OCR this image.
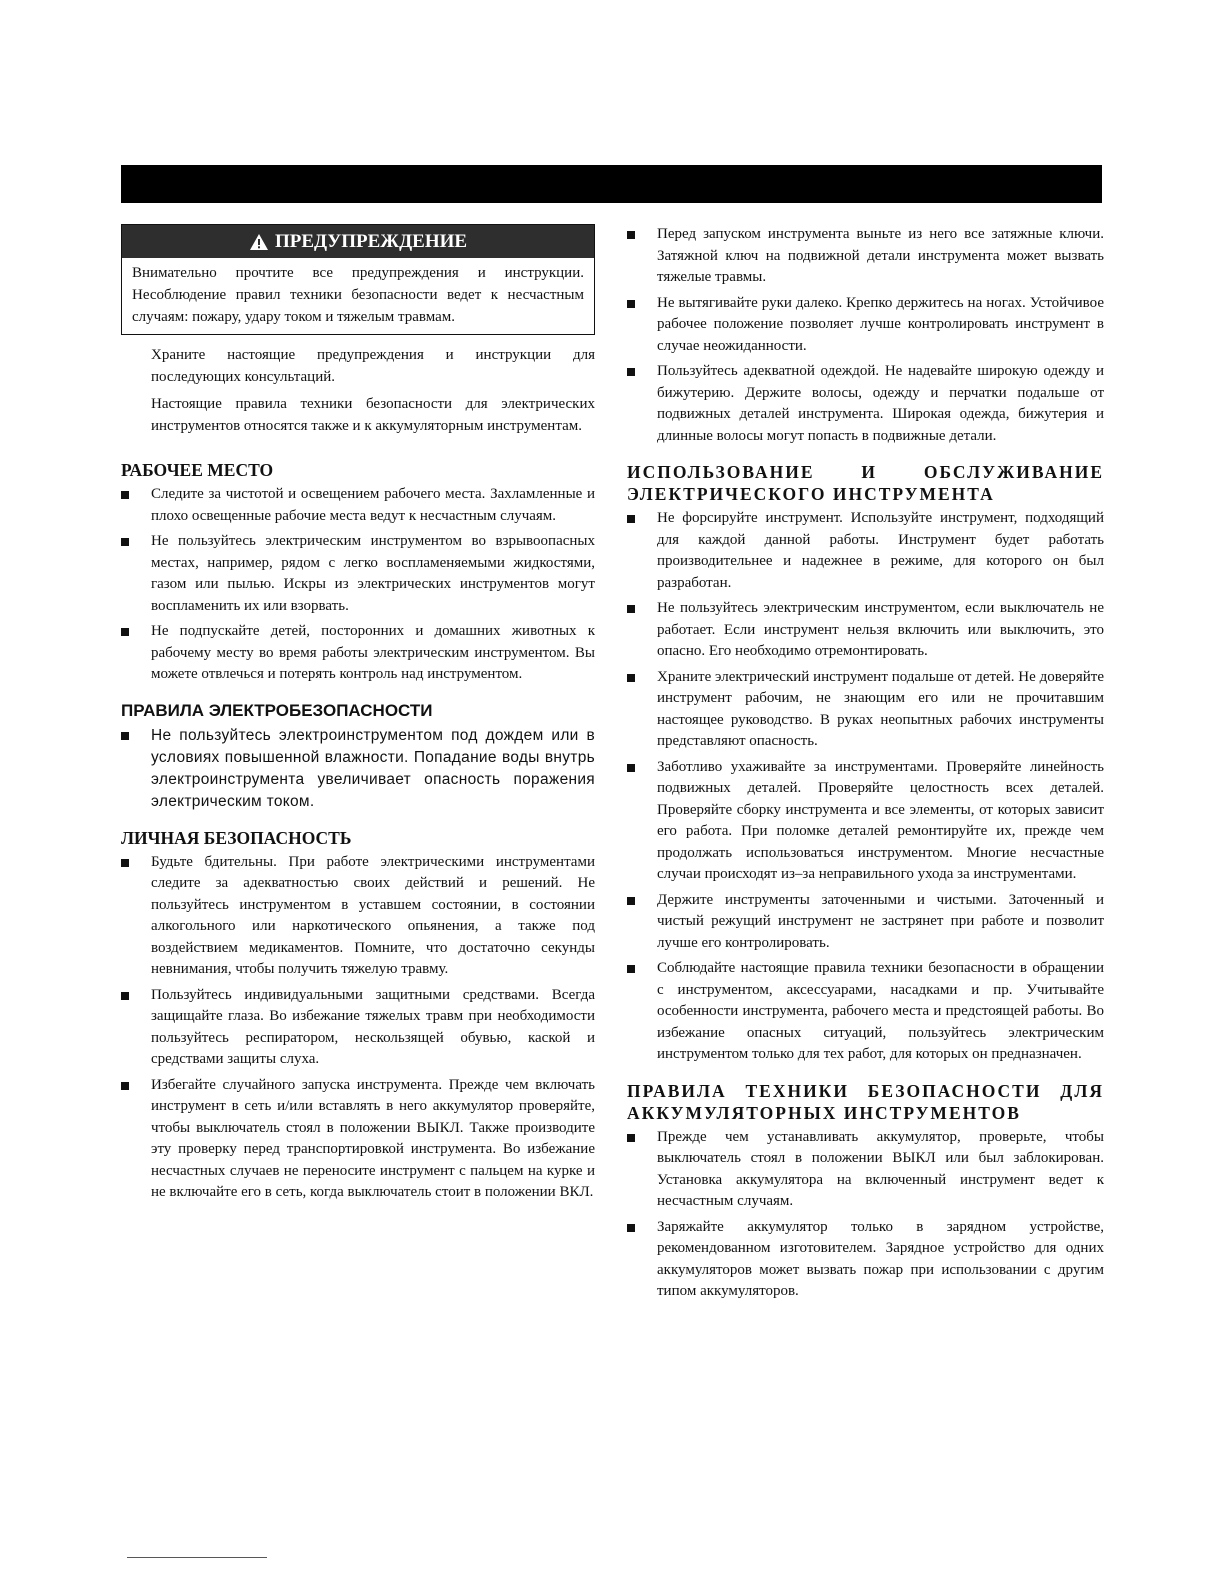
ПРЕДУПРЕЖДЕНИЕ
Внимательно прочтите все предупреждения и инструкции. Несоблюдение правил техники безопасности ведет к несчастным случаям: пожару, удару током и тяжелым травмам.

Храните настоящие предупреждения и инструкции для последующих консультаций.

Настоящие правила техники безопасности для электрических инструментов относятся также и к аккумуляторным инструментам.

РАБОЧЕЕ МЕСТО
Следите за чистотой и освещением рабочего места. Захламленные и плохо освещенные рабочие места ведут к несчастным случаям.
Не пользуйтесь электрическим инструментом во взрывоопасных местах, например, рядом с легко воспламеняемыми жидкостями, газом или пылью. Искры из электрических инструментов могут воспламенить их или взорвать.
Не подпускайте детей, посторонних и домашних животных к рабочему месту во время работы электрическим инструментом. Вы можете отвлечься и потерять контроль над инструментом.
ПРАВИЛА ЭЛЕКТРОБЕЗОПАСНОСТИ
Не пользуйтесь электроинструментом под дождем или в условиях повышенной влажности. Попадание воды внутрь электроинструмента увеличивает опасность поражения электрическим током.
ЛИЧНАЯ БЕЗОПАСНОСТЬ
Будьте бдительны. При работе электрическими инструментами следите за адекватностью своих действий и решений. Не пользуйтесь инструментом в уставшем состоянии, в состоянии алкогольного или наркотического опьянения, а также под воздействием медикаментов. Помните, что достаточно секунды невнимания, чтобы получить тяжелую травму.
Пользуйтесь индивидуальными защитными средствами. Всегда защищайте глаза. Во избежание тяжелых травм при необходимости пользуйтесь респиратором, нескользящей обувью, каской и средствами защиты слуха.
Избегайте случайного запуска инструмента. Прежде чем включать инструмент в сеть и/или вставлять в него аккумулятор проверяйте, чтобы выключатель стоял в положении ВЫКЛ. Также производите эту проверку перед транспортировкой инструмента. Во избежание несчастных случаев не переносите инструмент с пальцем на курке и не включайте его в сеть, когда выключатель стоит в положении ВКЛ.
Перед запуском инструмента выньте из него все затяжные ключи. Затяжной ключ на подвижной детали инструмента может вызвать тяжелые травмы.
Не вытягивайте руки далеко. Крепко держитесь на ногах. Устойчивое рабочее положение позволяет лучше контролировать инструмент в случае неожиданности.
Пользуйтесь адекватной одеждой. Не надевайте широкую одежду и бижутерию. Держите волосы, одежду и перчатки подальше от подвижных деталей инструмента. Широкая одежда, бижутерия и длинные волосы могут попасть в подвижные детали.
ИСПОЛЬЗОВАНИЕ И ОБСЛУЖИВАНИЕ ЭЛЕКТРИЧЕСКОГО ИНСТРУМЕНТА
Не форсируйте инструмент. Используйте инструмент, подходящий для каждой данной работы. Инструмент будет работать производительнее и надежнее в режиме, для которого он был разработан.
Не пользуйтесь электрическим инструментом, если выключатель не работает. Если инструмент нельзя включить или выключить, это опасно. Его необходимо отремонтировать.
Храните электрический инструмент подальше от детей. Не доверяйте инструмент рабочим, не знающим его или не прочитавшим настоящее руководство. В руках неопытных рабочих инструменты представляют опасность.
Заботливо ухаживайте за инструментами. Проверяйте линейность подвижных деталей. Проверяйте целостность всех деталей. Проверяйте сборку инструмента и все элементы, от которых зависит его работа. При поломке деталей ремонтируйте их, прежде чем продолжать использоваться инструментом. Многие несчастные случаи происходят из–за неправильного ухода за инструментами.
Держите инструменты заточенными и чистыми. Заточенный и чистый режущий инструмент не застрянет при работе и позволит лучше его контролировать.
Соблюдайте настоящие правила техники безопасности в обращении с инструментом, аксессуарами, насадками и пр. Учитывайте особенности инструмента, рабочего места и предстоящей работы. Во избежание опасных ситуаций, пользуйтесь электрическим инструментом только для тех работ, для которых он предназначен.
ПРАВИЛА ТЕХНИКИ БЕЗОПАСНОСТИ ДЛЯ АККУМУЛЯТОРНЫХ ИНСТРУМЕНТОВ
Прежде чем устанавливать аккумулятор, проверьте, чтобы выключатель стоял в положении ВЫКЛ или был заблокирован. Установка аккумулятора на включенный инструмент ведет к несчастным случаям.
Заряжайте аккумулятор только в зарядном устройстве, рекомендованном изготовителем. Зарядное устройство для одних аккумуляторов может вызвать пожар при использовании с другим типом аккумуляторов.
